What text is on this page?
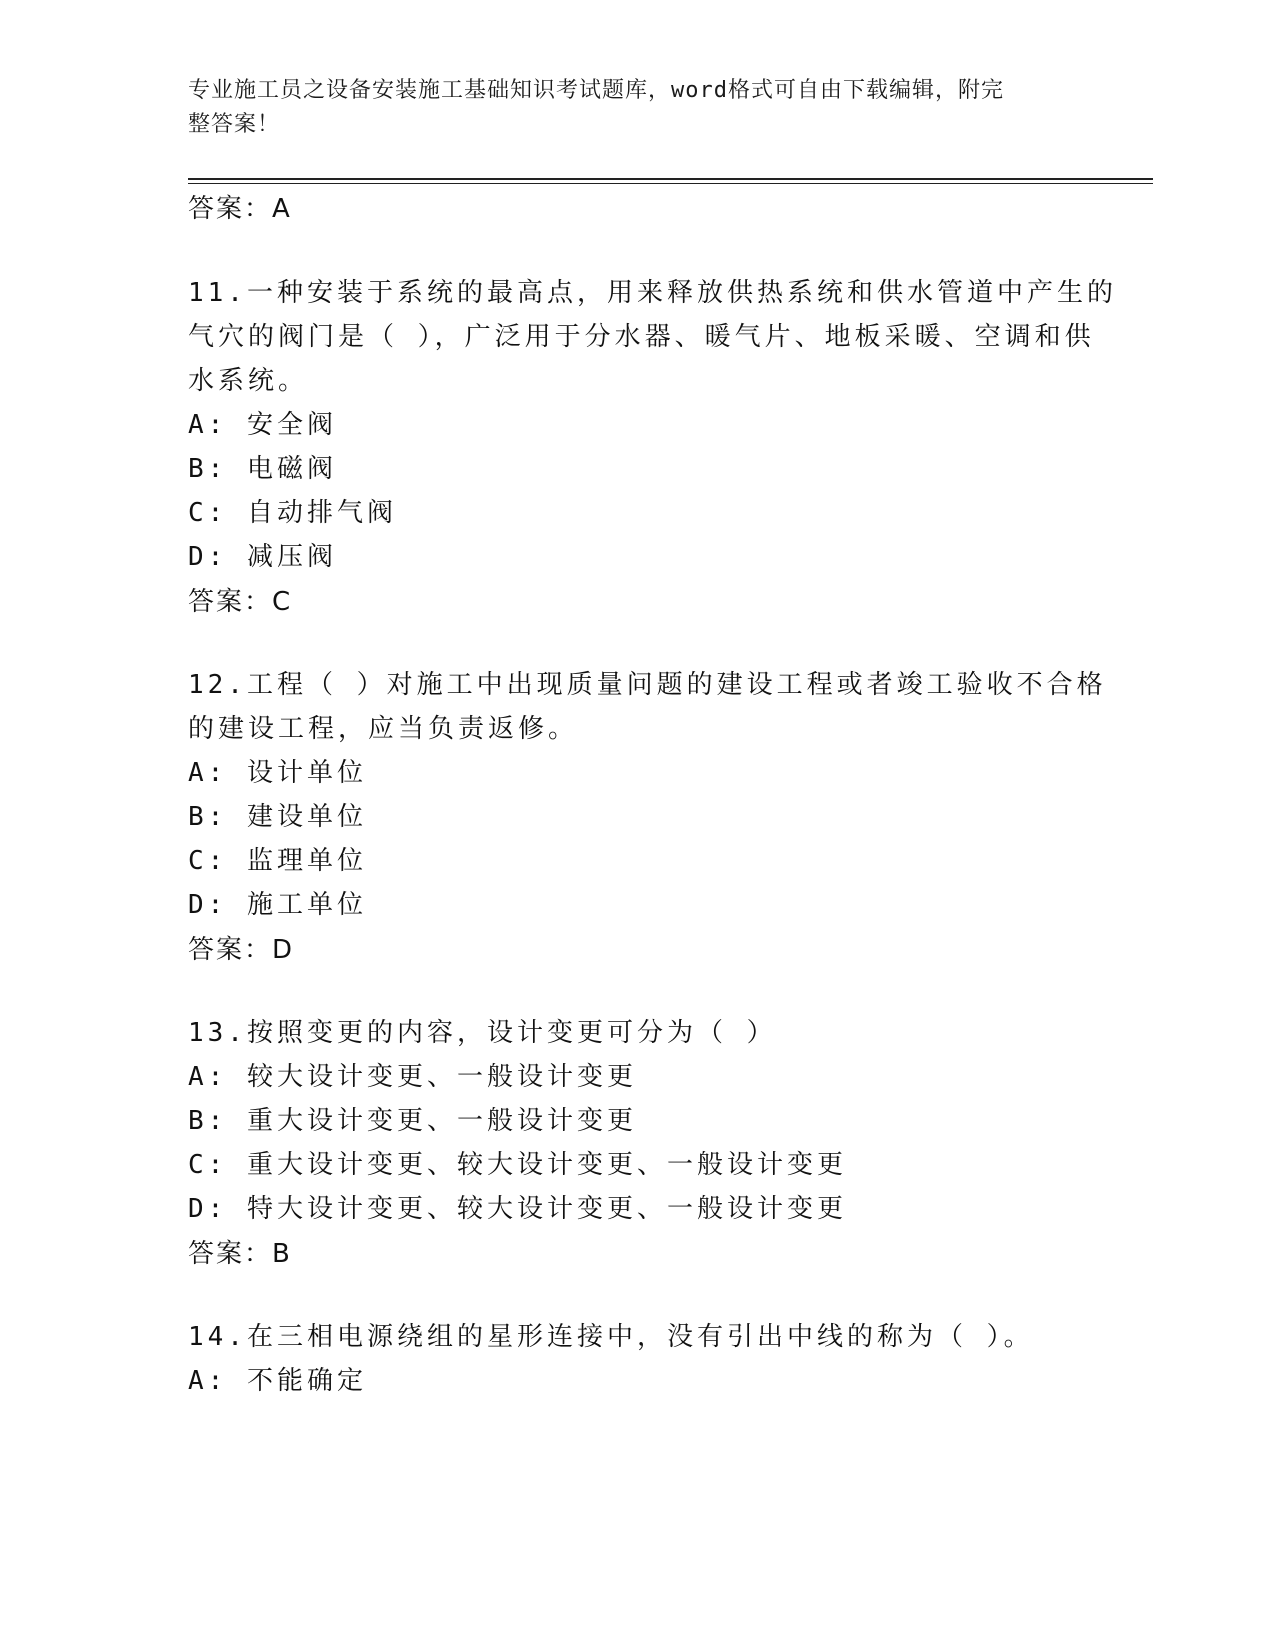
专业施工员之设备安装施工基础知识考试题库，word格式可自由下载编辑，附完
整答案！
答案：A
11.一种安装于系统的最高点，用来释放供热系统和供水管道中产生的
气穴的阀门是（ ），广泛用于分水器、暖气片、地板采暖、空调和供
水系统。
A: 安全阀
B: 电磁阀
C: 自动排气阀
D: 减压阀
答案：C
12.工程（ ）对施工中出现质量问题的建设工程或者竣工验收不合格
的建设工程，应当负责返修。
A: 设计单位
B: 建设单位
C: 监理单位
D: 施工单位
答案：D
13.按照变更的内容，设计变更可分为（ ）
A: 较大设计变更、一般设计变更
B: 重大设计变更、一般设计变更
C: 重大设计变更、较大设计变更、一般设计变更
D: 特大设计变更、较大设计变更、一般设计变更
答案：B
14.在三相电源绕组的星形连接中，没有引出中线的称为（ ）。
A: 不能确定
